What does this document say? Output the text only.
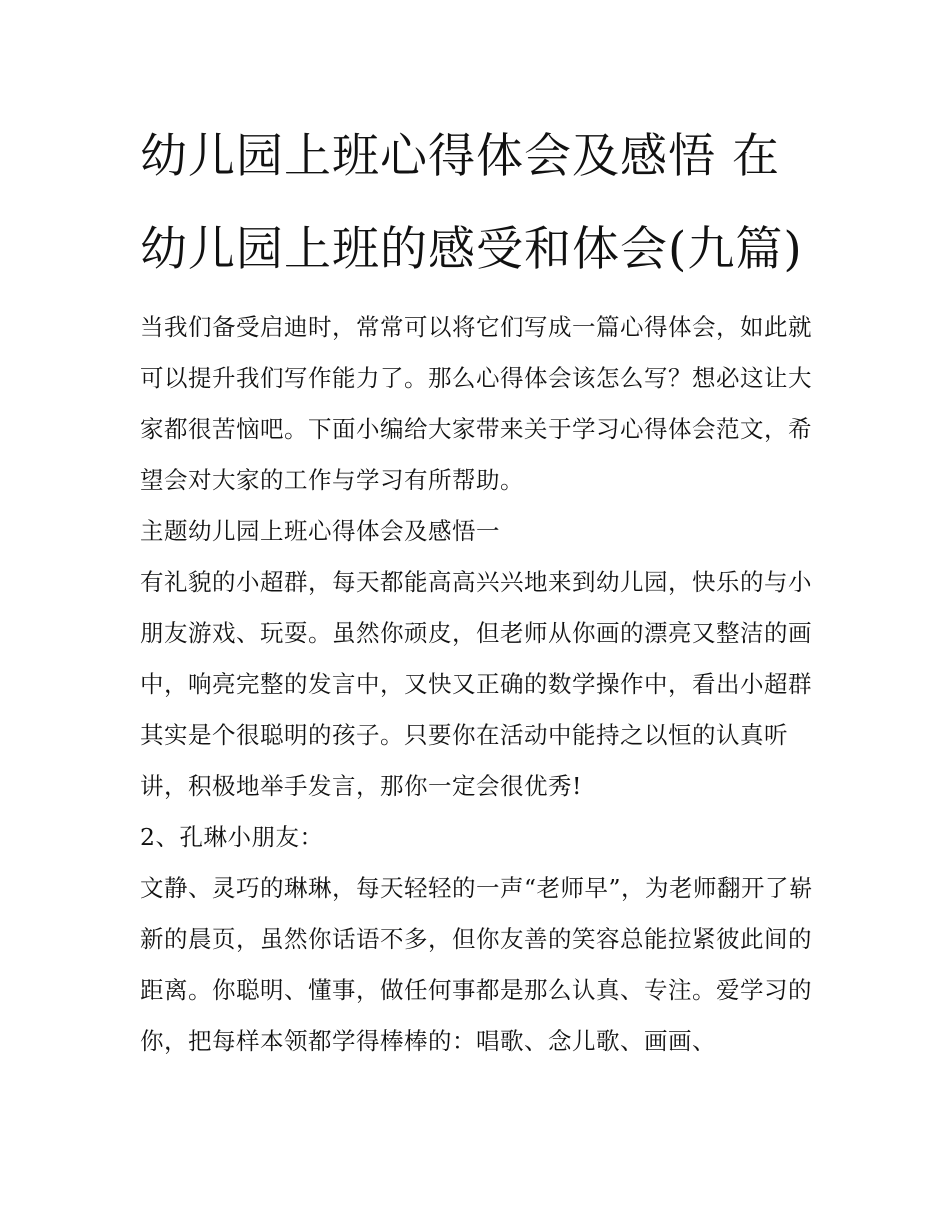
幼儿园上班心得体会及感悟 在幼儿园上班的感受和体会(九篇)

当我们备受启迪时，常常可以将它们写成一篇心得体会，如此就可以提升我们写作能力了。那么心得体会该怎么写？想必这让大家都很苦恼吧。下面小编给大家带来关于学习心得体会范文，希望会对大家的工作与学习有所帮助。

主题幼儿园上班心得体会及感悟一

有礼貌的小超群，每天都能高高兴兴地来到幼儿园，快乐的与小朋友游戏、玩耍。虽然你顽皮，但老师从你画的漂亮又整洁的画中，响亮完整的发言中，又快又正确的数学操作中，看出小超群其实是个很聪明的孩子。只要你在活动中能持之以恒的认真听讲，积极地举手发言，那你一定会很优秀!

2、孔琳小朋友：

文静、灵巧的琳琳，每天轻轻的一声“老师早”，为老师翻开了崭新的晨页，虽然你话语不多，但你友善的笑容总能拉紧彼此间的距离。你聪明、懂事，做任何事都是那么认真、专注。爱学习的你，把每样本领都学得棒棒的：唱歌、念儿歌、画画、
